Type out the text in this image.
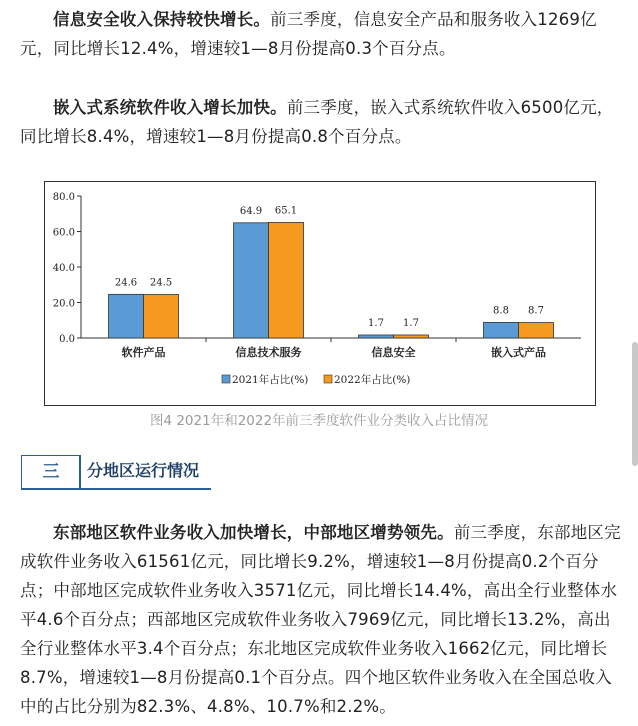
信息安全收入保持较快增长。前三季度，信息安全产品和服务收入1269亿元，同比增长12.4%，增速较1—8月份提高0.3个百分点。

嵌入式系统软件收入增长加快。前三季度，嵌入式系统软件收入6500亿元，同比增长8.4%，增速较1—8月份提高0.8个百分点。

0.0
20.0
40.0
60.0
80.0
24.6 24.5
软件产品
64.9 65.1
信息技术服务
1.7 1.7
信息安全
8.8 8.7
嵌入式产品
2021年占比(%) 2022年占比(%)
图4 2021年和2022年前三季度软件业分类收入占比情况
三	分地区运行情况

东部地区软件业务收入加快增长，中部地区增势领先。前三季度，东部地区完成软件业务收入61561亿元，同比增长9.2%，增速较1—8月份提高0.2个百分点；中部地区完成软件业务收入3571亿元，同比增长14.4%，高出全行业整体水平4.6个百分点；西部地区完成软件业务收入7969亿元，同比增长13.2%，高出全行业整体水平3.4个百分点；东北地区完成软件业务收入1662亿元，同比增长8.7%，增速较1—8月份提高0.1个百分点。四个地区软件业务收入在全国总收入中的占比分别为82.3%、4.8%、10.7%和2.2%。
